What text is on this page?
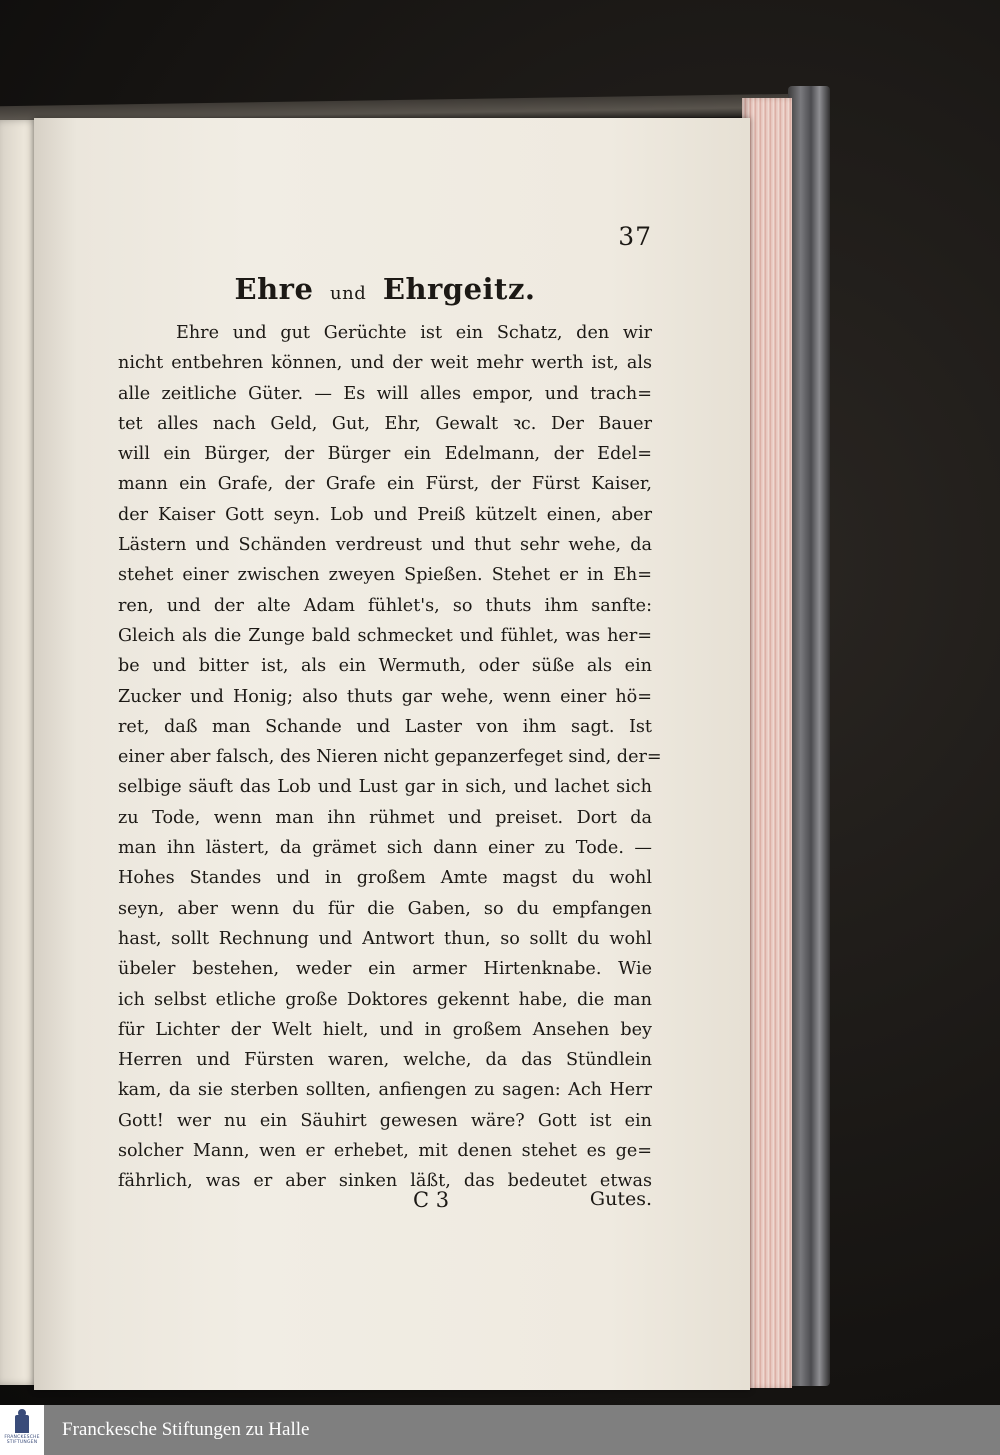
37
Ehre und Ehrgeitz.
Ehre und gut Gerüchte ist ein Schatz, den wir
nicht entbehren können, und der weit mehr werth ist, als
alle zeitliche Güter. — Es will alles empor, und trach=
tet alles nach Geld, Gut, Ehr, Gewalt ꝛc. Der Bauer
will ein Bürger, der Bürger ein Edelmann, der Edel=
mann ein Grafe, der Grafe ein Fürst, der Fürst Kaiser,
der Kaiser Gott seyn. Lob und Preiß kützelt einen, aber
Lästern und Schänden verdreust und thut sehr wehe, da
stehet einer zwischen zweyen Spießen. Stehet er in Eh=
ren, und der alte Adam fühlet's, so thuts ihm sanfte:
Gleich als die Zunge bald schmecket und fühlet, was her=
be und bitter ist, als ein Wermuth, oder süße als ein
Zucker und Honig; also thuts gar wehe, wenn einer hö=
ret, daß man Schande und Laster von ihm sagt. Ist
einer aber falsch, des Nieren nicht gepanzerfeget sind, der=
selbige säuft das Lob und Lust gar in sich, und lachet sich
zu Tode, wenn man ihn rühmet und preiset. Dort da
man ihn lästert, da grämet sich dann einer zu Tode. —
Hohes Standes und in großem Amte magst du wohl
seyn, aber wenn du für die Gaben, so du empfangen
hast, sollt Rechnung und Antwort thun, so sollt du wohl
übeler bestehen, weder ein armer Hirtenknabe. Wie
ich selbst etliche große Doktores gekennt habe, die man
für Lichter der Welt hielt, und in großem Ansehen bey
Herren und Fürsten waren, welche, da das Stündlein
kam, da sie sterben sollten, anfiengen zu sagen: Ach Herr
Gott! wer nu ein Säuhirt gewesen wäre? Gott ist ein
solcher Mann, wen er erhebet, mit denen stehet es ge=
fährlich, was er aber sinken läßt, das bedeutet etwas
C 3	Gutes.
FRANCKESCHE
STIFTUNGEN
Franckesche Stiftungen zu Halle
